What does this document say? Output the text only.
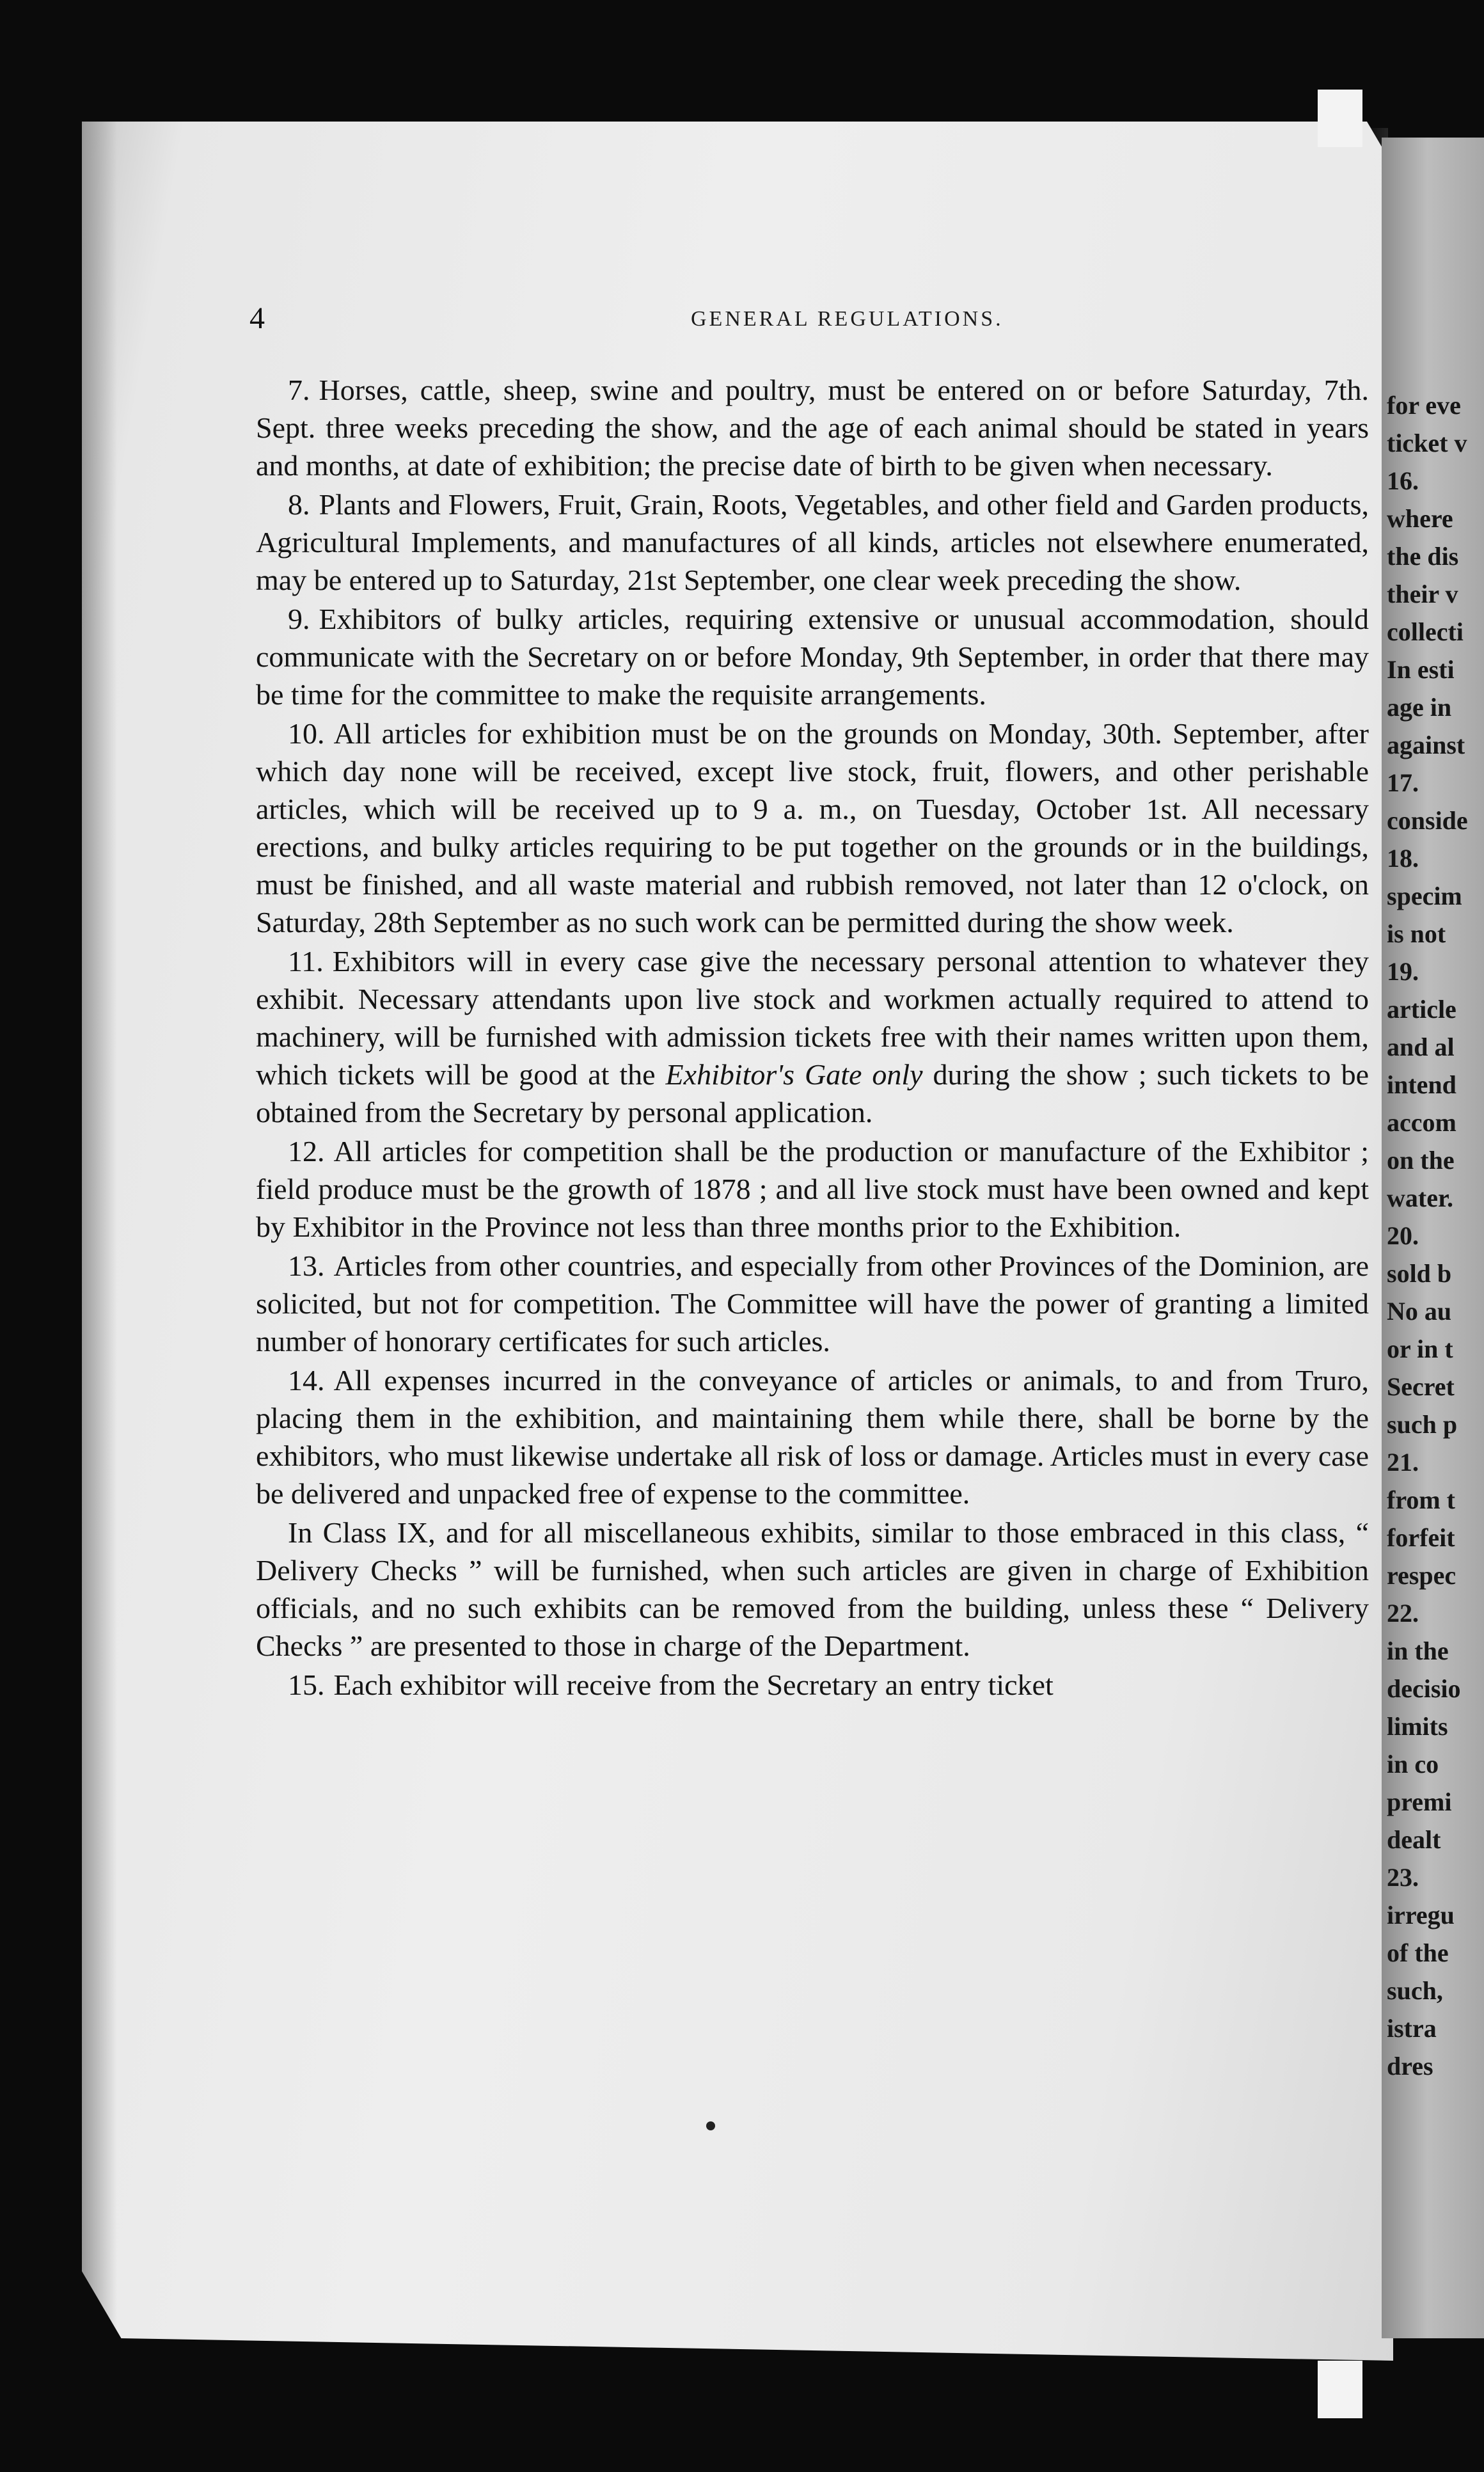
4	GENERAL REGULATIONS.

7. Horses, cattle, sheep, swine and poultry, must be entered on or before Saturday, 7th. Sept. three weeks preceding the show, and the age of each animal should be stated in years and months, at date of exhibition; the precise date of birth to be given when necessary.

8. Plants and Flowers, Fruit, Grain, Roots, Vegetables, and other field and Garden products, Agricultural Implements, and manufactures of all kinds, articles not elsewhere enumerated, may be entered up to Saturday, 21st September, one clear week preceding the show.

9. Exhibitors of bulky articles, requiring extensive or unusual accommodation, should communicate with the Secretary on or before Monday, 9th September, in order that there may be time for the committee to make the requisite arrangements.

10. All articles for exhibition must be on the grounds on Monday, 30th. September, after which day none will be received, except live stock, fruit, flowers, and other perishable articles, which will be received up to 9 a. m., on Tuesday, October 1st. All necessary erections, and bulky articles requiring to be put together on the grounds or in the buildings, must be finished, and all waste material and rubbish removed, not later than 12 o'clock, on Saturday, 28th September as no such work can be permitted during the show week.

11. Exhibitors will in every case give the necessary personal attention to whatever they exhibit. Necessary attendants upon live stock and workmen actually required to attend to machinery, will be furnished with admission tickets free with their names written upon them, which tickets will be good at the Exhibitor's Gate only during the show ; such tickets to be obtained from the Secretary by personal application.

12. All articles for competition shall be the production or manufacture of the Exhibitor ; field produce must be the growth of 1878 ; and all live stock must have been owned and kept by Exhibitor in the Province not less than three months prior to the Exhibition.

13. Articles from other countries, and especially from other Provinces of the Dominion, are solicited, but not for competition. The Committee will have the power of granting a limited number of honorary certificates for such articles.

14. All expenses incurred in the conveyance of articles or animals, to and from Truro, placing them in the exhibition, and maintaining them while there, shall be borne by the exhibitors, who must likewise undertake all risk of loss or damage. Articles must in every case be delivered and unpacked free of expense to the committee.

In Class IX, and for all miscellaneous exhibits, similar to those embraced in this class, “ Delivery Checks ” will be furnished, when such articles are given in charge of Exhibition officials, and no such exhibits can be removed from the building, unless these “ Delivery Checks ” are presented to those in charge of the Department.

15. Each exhibitor will receive from the Secretary an entry ticket

for eve
ticket v
16.
where
the dis
their v
collecti
In esti
age in
against
17.
conside
18.
specim
is not
19.
article
and al
intend
accom
on the
water.
20.
sold b
No au
or in t
Secret
such p
21.
from t
forfeit
respec
22.
in the
decisio
limits
in co
premi
dealt
23.
irregu
of the
such,
istra
dres
